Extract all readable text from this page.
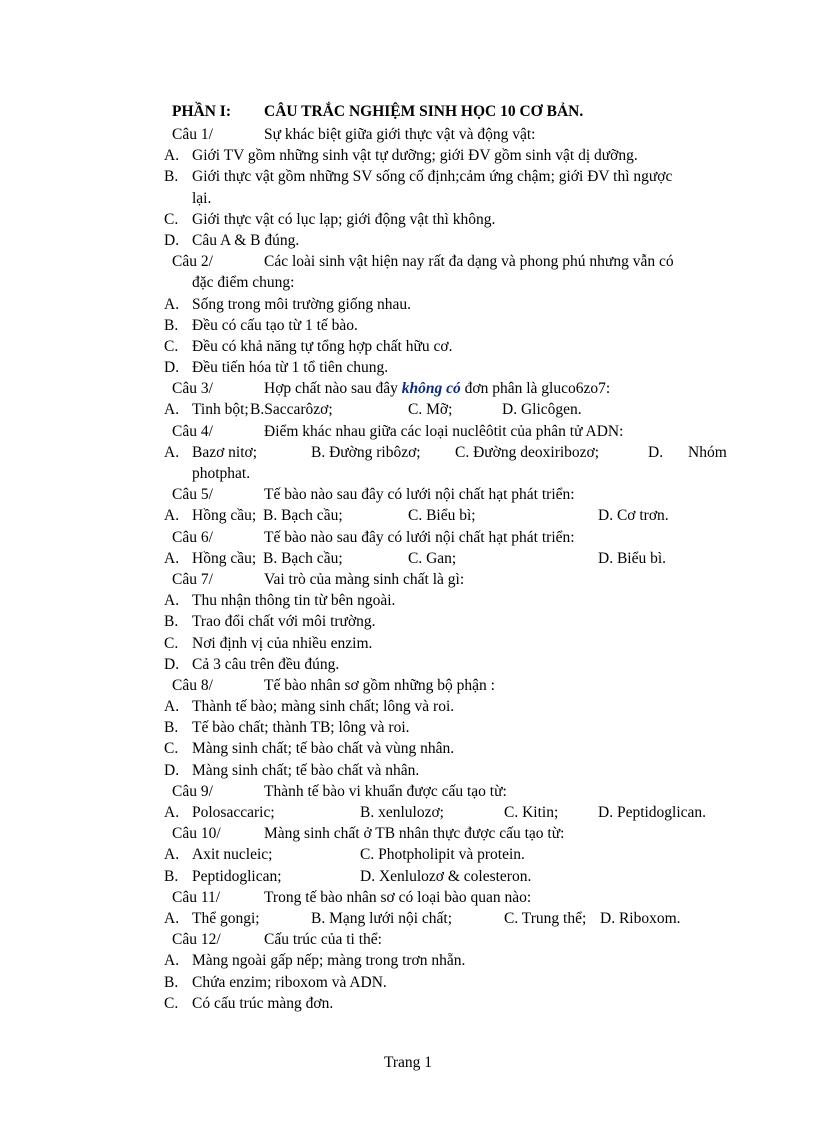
PHẦN I: CÂU TRẮC NGHIỆM SINH HỌC 10 CƠ BẢN.
Câu 1/	Sự khác biệt giữa giới thực vật và động vật:
A. Giới TV gồm những sinh vật tự dưỡng; giới ĐV gồm sinh vật dị dưỡng.
B. Giới thực vật gồm những SV sống cố định;cảm ứng chậm; giới ĐV thì ngược
lại.
C. Giới thực vật có lục lạp; giới động vật thì không.
D. Câu A & B đúng.
Câu 2/	Các loài sinh vật hiện nay rất đa dạng và phong phú nhưng vẫn có
đặc điểm chung:
A. Sống trong môi trường giống nhau.
B. Đều có cấu tạo từ 1 tế bào.
C. Đều có khả năng tự tổng hợp chất hữu cơ.
D. Đều tiến hóa từ 1 tổ tiên chung.
Câu 3/	Hợp chất nào sau đây không có đơn phân là gluco6zo7:
A. Tinh bột; B.Saccarôzơ;	C. Mỡ;	D. Glicôgen.
Câu 4/	Điểm khác nhau giữa các loại nuclêôtit của phân tử ADN:
A. Bazơ nitơ;	B. Đường ribôzơ; C. Đường deoxiribozơ;	D. Nhóm
photphat.
Câu 5/	Tế bào nào sau đây có lưới nội chất hạt phát triển:
A. Hồng cầu; B. Bạch cầu;	C. Biểu bì;	D. Cơ trơn.
Câu 6/	Tế bào nào sau đây có lưới nội chất hạt phát triển:
A. Hồng cầu; B. Bạch cầu;	C. Gan;	D. Biểu bì.
Câu 7/	Vai trò của màng sinh chất là gì:
A. Thu nhận thông tin từ bên ngoài.
B. Trao đổi chất với môi trường.
C. Nơi định vị của nhiều enzim.
D. Cả 3 câu trên đều đúng.
Câu 8/	Tế bào nhân sơ gồm những bộ phận :
A. Thành tế bào; màng sinh chất; lông và roi.
B. Tế bào chất; thành TB; lông và roi.
C. Màng sinh chất; tế bào chất và vùng nhân.
D. Màng sinh chất; tế bào chất và nhân.
Câu 9/	Thành tế bào vi khuẩn được cấu tạo từ:
A. Polosaccaric;	B. xenlulozơ;	C. Kitin;	D. Peptidoglican.
Câu 10/	Màng sinh chất ở TB nhân thực được cấu tạo từ:
A. Axit nucleic;	C. Photpholipit và protein.
B. Peptidoglican;	D. Xenlulozơ & colesteron.
Câu 11/	Trong tế bào nhân sơ có loại bào quan nào:
A. Thể gongi;	B. Mạng lưới nội chất;	C. Trung thể; D. Riboxom.
Câu 12/	Cấu trúc của ti thể:
A. Màng ngoài gấp nếp; màng trong trơn nhẵn.
B. Chứa enzim; riboxom và ADN.
C. Có cấu trúc màng đơn.
Trang 1
